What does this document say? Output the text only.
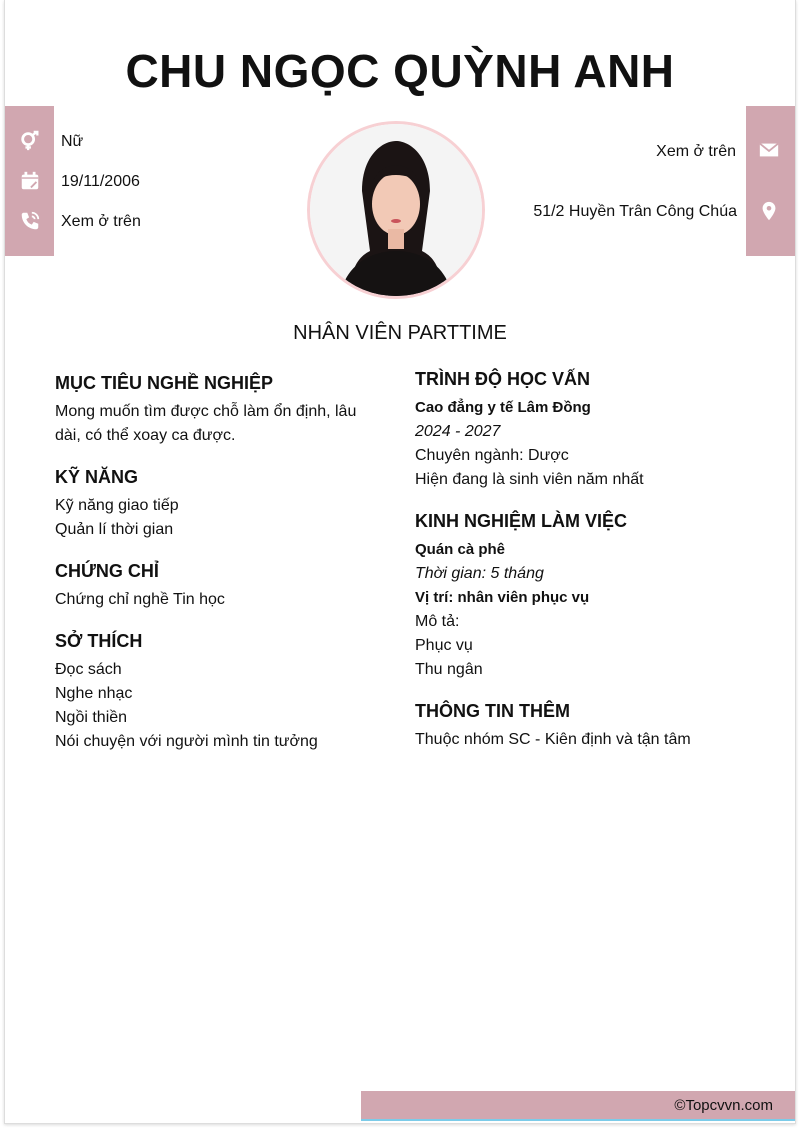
CHU NGỌC QUỲNH ANH
Nữ
19/11/2006
Xem ở trên
Xem ở trên
51/2 Huyền Trân Công Chúa
NHÂN VIÊN PARTTIME
MỤC TIÊU NGHỀ NGHIỆP

Mong muốn tìm được chỗ làm ổn định, lâu dài, có thể xoay ca được.

KỸ NĂNG

Kỹ năng giao tiếp

Quản lí thời gian

CHỨNG CHỈ

Chứng chỉ nghề Tin học

SỞ THÍCH

Đọc sách

Nghe nhạc

Ngồi thiền

Nói chuyện với người mình tin tưởng

TRÌNH ĐỘ HỌC VẤN

Cao đẳng y tế Lâm Đồng

2024 - 2027

Chuyên ngành: Dược

Hiện đang là sinh viên năm nhất

KINH NGHIỆM LÀM VIỆC

Quán cà phê

Thời gian: 5 tháng

Vị trí: nhân viên phục vụ

Mô tả:

Phục vụ

Thu ngân

THÔNG TIN THÊM

Thuộc nhóm SC - Kiên định và tận tâm

©Topcvvn.com
